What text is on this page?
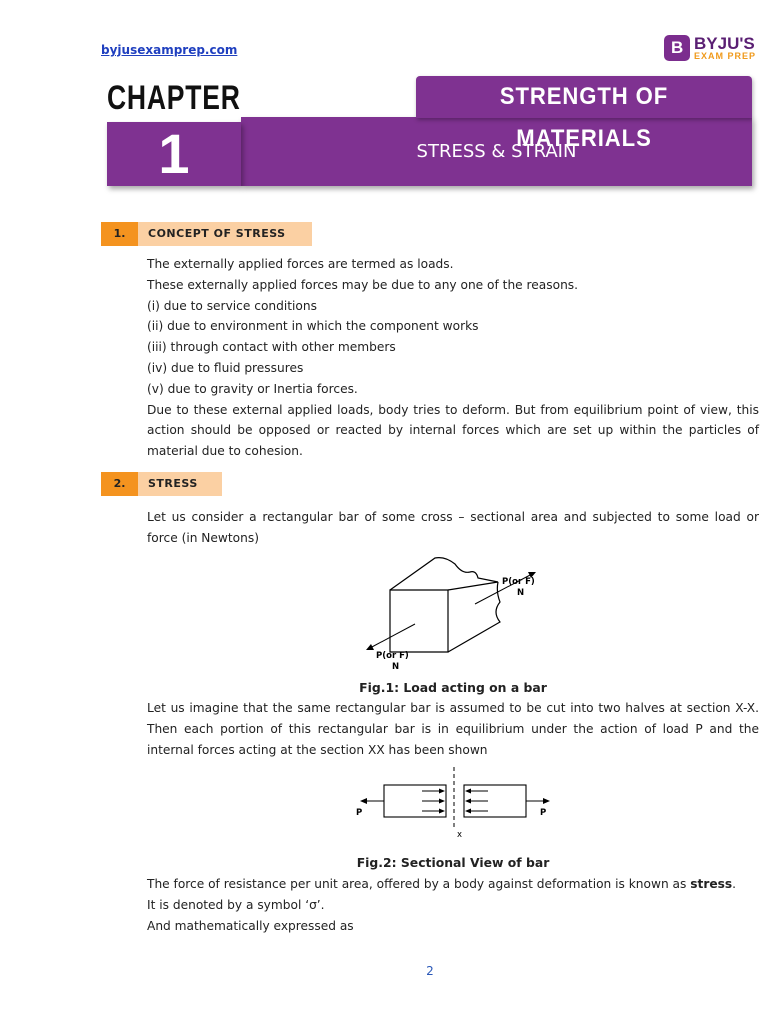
byjusexamprep.com	B BYJU'S
EXAM PREP
STRESS & STRAIN
CHAPTER
1
STRENGTH OF MATERIALS
1.	CONCEPT OF STRESS
The externally applied forces are termed as loads.
These externally applied forces may be due to any one of the reasons.
(i) due to service conditions
(ii) due to environment in which the component works
(iii) through contact with other members
(iv) due to fluid pressures
(v) due to gravity or Inertia forces.
Due to these external applied loads, body tries to deform. But from equilibrium point of view, this action should be opposed or reacted by internal forces which are set up within the particles of material due to cohesion.
2.	STRESS
Let us consider a rectangular bar of some cross – sectional area and subjected to some load or force (in Newtons)
P(or F)
N
P(or F)
N
Fig.1: Load acting on a bar
Let us imagine that the same rectangular bar is assumed to be cut into two halves at section X-X. Then each portion of this rectangular bar is in equilibrium under the action of load P and the internal forces acting at the section XX has been shown
P	P
x
Fig.2: Sectional View of bar
The force of resistance per unit area, offered by a body against deformation is known as stress.
It is denoted by a symbol ‘σ’.
And mathematically expressed as
2
